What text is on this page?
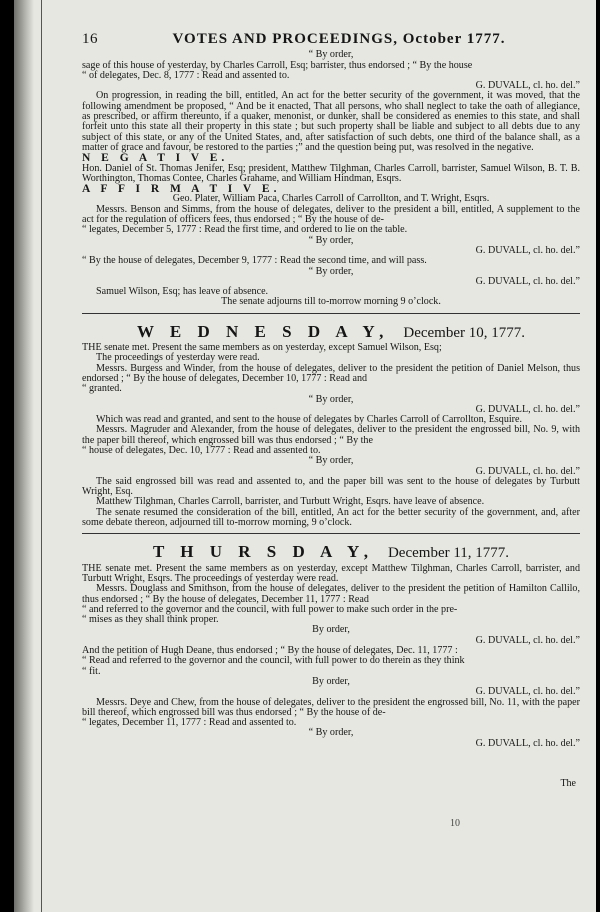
16	VOTES AND PROCEEDINGS, October 1777.

“ By order,

sage of this house of yesterday, by Charles Carroll, Esq; barrister, thus endorsed ; “ By the house

“ of delegates, Dec. 8, 1777 : Read and assented to.

G. DUVALL, cl. ho. del.”

On progression, in reading the bill, entitled, An act for the better security of the government, it was moved, that the following amendment be proposed, “ And be it enacted, That all persons, who shall neglect to take the oath of allegiance, as prescribed, or affirm thereunto, if a quaker, menonist, or dunker, shall be considered as enemies to this state, and shall forfeit unto this state all their property in this state ; but such property shall be liable and subject to all debts due to any subject of this state, or any of the United States, and, after satisfaction of such debts, one third of the balance shall, as a matter of grace and favour, be restored to the parties ;” and the question being put, was resolved in the negative.

N E G A T I V E.

Hon. Daniel of St. Thomas Jenifer, Esq; president, Matthew Tilghman, Charles Carroll, barrister, Samuel Wilson, B. T. B. Worthington, Thomas Contee, Charles Grahame, and William Hindman, Esqrs.

A F F I R M A T I V E.

Geo. Plater, William Paca, Charles Carroll of Carrollton, and T. Wright, Esqrs.

Messrs. Benson and Simms, from the house of delegates, deliver to the president a bill, entitled, A supplement to the act for the regulation of officers fees, thus endorsed ; “ By the house of de-

“ legates, December 5, 1777 : Read the first time, and ordered to lie on the table.

“ By order,

G. DUVALL, cl. ho. del.”

“ By the house of delegates, December 9, 1777 : Read the second time, and will pass.

“ By order,

G. DUVALL, cl. ho. del.”

Samuel Wilson, Esq; has leave of absence.

The senate adjourns till to-morrow morning 9 o’clock.

W E D N E S D A Y, December 10, 1777.

THE senate met. Present the same members as on yesterday, except Samuel Wilson, Esq;

The proceedings of yesterday were read.

Messrs. Burgess and Winder, from the house of delegates, deliver to the president the petition of Daniel Melson, thus endorsed ; “ By the house of delegates, December 10, 1777 : Read and

“ granted.

“ By order,

G. DUVALL, cl. ho. del.”

Which was read and granted, and sent to the house of delegates by Charles Carroll of Carrollton, Esquire.

Messrs. Magruder and Alexander, from the house of delegates, deliver to the president the engrossed bill, No. 9, with the paper bill thereof, which engrossed bill was thus endorsed ; “ By the

“ house of delegates, Dec. 10, 1777 : Read and assented to.

“ By order,

G. DUVALL, cl. ho. del.”

The said engrossed bill was read and assented to, and the paper bill was sent to the house of delegates by Turbutt Wright, Esq.

Matthew Tilghman, Charles Carroll, barrister, and Turbutt Wright, Esqrs. have leave of absence.

The senate resumed the consideration of the bill, entitled, An act for the better security of the government, and, after some debate thereon, adjourned till to-morrow morning, 9 o’clock.

T H U R S D A Y, December 11, 1777.

THE senate met. Present the same members as on yesterday, except Matthew Tilghman, Charles Carroll, barrister, and Turbutt Wright, Esqrs. The proceedings of yesterday were read.

Messrs. Douglass and Smithson, from the house of delegates, deliver to the president the petition of Hamilton Callilo, thus endorsed ; “ By the house of delegates, December 11, 1777 : Read

“ and referred to the governor and the council, with full power to make such order in the pre-

“ mises as they shall think proper.

By order,

G. DUVALL, cl. ho. del.”

And the petition of Hugh Deane, thus endorsed ; “ By the house of delegates, Dec. 11, 1777 :

“ Read and referred to the governor and the council, with full power to do therein as they think

“ fit.

By order,

G. DUVALL, cl. ho. del.”

Messrs. Deye and Chew, from the house of delegates, deliver to the president the engrossed bill, No. 11, with the paper bill thereof, which engrossed bill was thus endorsed ; “ By the house of de-

“ legates, December 11, 1777 : Read and assented to.

“ By order,

G. DUVALL, cl. ho. del.”

The
10
